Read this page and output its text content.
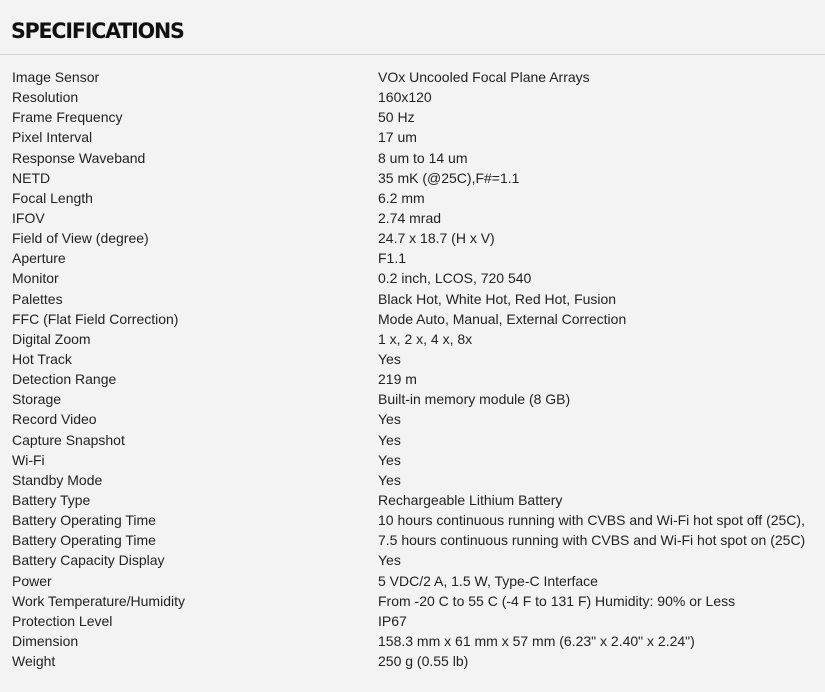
SPECIFICATIONS
Image Sensor	VOx Uncooled Focal Plane Arrays
Resolution	160x120
Frame Frequency	50 Hz
Pixel Interval	17 um
Response Waveband	8 um to 14 um
NETD	35 mK (@25C),F#=1.1
Focal Length	6.2 mm
IFOV	2.74 mrad
Field of View (degree)	24.7 x 18.7 (H x V)
Aperture	F1.1
Monitor	0.2 inch, LCOS, 720 540
Palettes	Black Hot, White Hot, Red Hot, Fusion
FFC (Flat Field Correction)	Mode Auto, Manual, External Correction
Digital Zoom	1 x, 2 x, 4 x, 8x
Hot Track	Yes
Detection Range	219 m
Storage	Built-in memory module (8 GB)
Record Video	Yes
Capture Snapshot	Yes
Wi-Fi	Yes
Standby Mode	Yes
Battery Type	Rechargeable Lithium Battery
Battery Operating Time	10 hours continuous running with CVBS and Wi-Fi hot spot off (25C),
Battery Operating Time	7.5 hours continuous running with CVBS and Wi-Fi hot spot on (25C)
Battery Capacity Display	Yes
Power	5 VDC/2 A, 1.5 W, Type-C Interface
Work Temperature/Humidity	From -20 C to 55 C (-4 F to 131 F) Humidity: 90% or Less
Protection Level	IP67
Dimension	158.3 mm x 61 mm x 57 mm (6.23" x 2.40" x 2.24")
Weight	250 g (0.55 lb)
